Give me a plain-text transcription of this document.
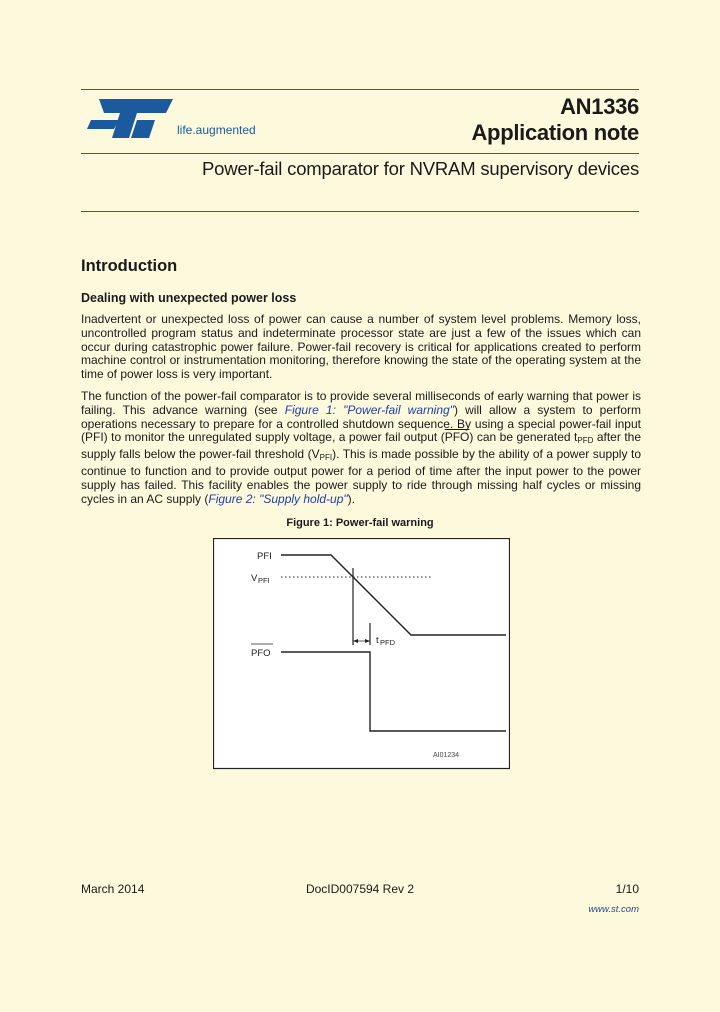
life.augmented
AN1336
Application note
Power-fail comparator for NVRAM supervisory devices
Introduction
Dealing with unexpected power loss
Inadvertent or unexpected loss of power can cause a number of system level problems. Memory loss, uncontrolled program status and indeterminate processor state are just a few of the issues which can occur during catastrophic power failure. Power-fail recovery is critical for applications created to perform machine control or instrumentation monitoring, therefore knowing the state of the operating system at the time of power loss is very important.
The function of the power-fail comparator is to provide several milliseconds of early warning that power is failing. This advance warning (see Figure 1: "Power-fail warning") will allow a system to perform operations necessary to prepare for a controlled shutdown sequence. By using a special power-fail input (PFI) to monitor the unregulated supply voltage, a power fail output $(\overline{PFO})$ can be generated $t_{PFD}$ after the supply falls below the power-fail threshold $(V_{PFI})$. This is made possible by the ability of a power supply to continue to function and to provide output power for a period of time after the input power to the power supply has failed. This facility enables the power supply to ride through missing half cycles or missing cycles in an AC supply (Figure 2: "Supply hold-up").
Figure 1: Power-fail warning
PFI
V PFI
t PFD
PFO
AI01234
March 2014	DocID007594 Rev 2	1/10
www.st.com
